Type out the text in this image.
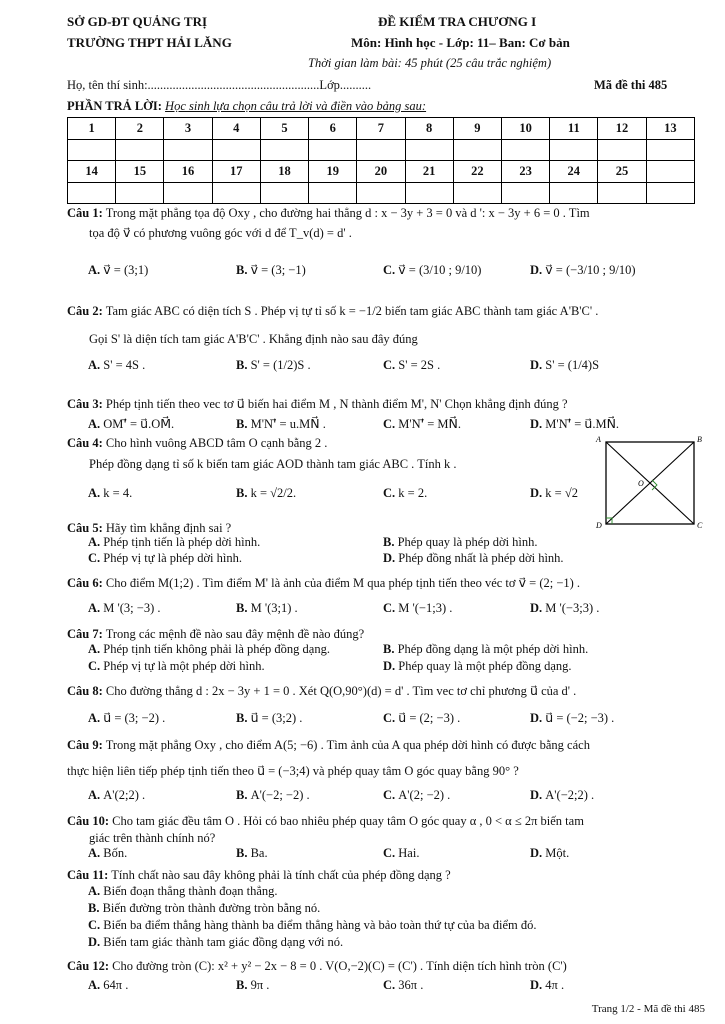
SỞ GD-ĐT QUẢNG TRỊ
TRƯỜNG THPT HẢI LĂNG
ĐỀ KIỂM TRA CHƯƠNG I
Môn: Hình học - Lớp: 11– Ban: Cơ bản
Thời gian làm bài: 45 phút (25 câu trắc nghiệm)
Họ, tên thí sinh:.......................................................Lớp..........	Mã đề thi 485
PHẦN TRẢ LỜI: Học sinh lựa chọn câu trả lời và điền vào bảng sau:
1	2	3	4	5	6	7	8	9	10	11	12	13

14	15	16	17	18	19	20	21	22	23	24	25	

Câu 1: Trong mặt phẳng tọa độ Oxy , cho đường hai thẳng d : x − 3y + 3 = 0 và d ': x − 3y + 6 = 0 . Tìm
tọa độ v⃗ có phương vuông góc với d để T_v(d) = d' .
A. v⃗ = (3;1)	B. v⃗ = (3; −1)	C. v⃗ = (3/10 ; 9/10)	D. v⃗ = (−3/10 ; 9/10)
Câu 2: Tam giác ABC có diện tích S . Phép vị tự tỉ số k = −1/2 biến tam giác ABC thành tam giác A'B'C' .
Gọi S' là diện tích tam giác A'B'C' . Khẳng định nào sau đây đúng
A. S' = 4S .	B. S' = (1/2)S .	C. S' = 2S .	D. S' = (1/4)S
Câu 3: Phép tịnh tiến theo vec tơ u⃗ biến hai điểm M , N thành điểm M', N' Chọn khẳng định đúng ?
A. OM'⃗ = u⃗.OM⃗.	B. M'N'⃗ = u.MN⃗ .	C. M'N'⃗ = MN⃗.	D. M'N'⃗ = u⃗.MN⃗.
Câu 4: Cho hình vuông ABCD tâm O cạnh bằng 2 .
Phép đồng dạng tỉ số k biến tam giác AOD thành tam giác ABC . Tính k .
A. k = 4.	B. k = √2/2.	C. k = 2.	D. k = √2
A	B
C
D
O
Câu 5: Hãy tìm khẳng định sai ?
A. Phép tịnh tiến là phép dời hình.	B. Phép quay là phép dời hình.
C. Phép vị tự là phép dời hình.	D. Phép đồng nhất là phép dời hình.
Câu 6: Cho điểm M(1;2) . Tìm điểm M' là ảnh của điểm M qua phép tịnh tiến theo véc tơ v⃗ = (2; −1) .
A. M '(3; −3) .	B. M '(3;1) .	C. M '(−1;3) .	D. M '(−3;3) .
Câu 7: Trong các mệnh đề nào sau đây mệnh đề nào đúng?
A. Phép tịnh tiến không phải là phép đồng dạng.	B. Phép đồng dạng là một phép dời hình.
C. Phép vị tự là một phép dời hình.	D. Phép quay là một phép đồng dạng.
Câu 8: Cho đường thẳng d : 2x − 3y + 1 = 0 . Xét Q(O,90°)(d) = d' . Tìm vec tơ chỉ phương u⃗ của d' .
A. u⃗ = (3; −2) .	B. u⃗ = (3;2) .	C. u⃗ = (2; −3) .	D. u⃗ = (−2; −3) .
Câu 9: Trong mặt phẳng Oxy , cho điểm A(5; −6) . Tìm ảnh của A qua phép dời hình có được bằng cách
thực hiện liên tiếp phép tịnh tiến theo u⃗ = (−3;4) và phép quay tâm O góc quay bằng 90° ?
A. A'(2;2) .	B. A'(−2; −2) .	C. A'(2; −2) .	D. A'(−2;2) .
Câu 10: Cho tam giác đều tâm O . Hỏi có bao nhiêu phép quay tâm O góc quay α , 0 < α ≤ 2π biến tam
giác trên thành chính nó?
A. Bốn.	B. Ba.	C. Hai.	D. Một.
Câu 11: Tính chất nào sau đây không phải là tính chất của phép đồng dạng ?
A. Biến đoạn thẳng thành đoạn thẳng.
B. Biến đường tròn thành đường tròn bằng nó.
C. Biến ba điểm thẳng hàng thành ba điểm thẳng hàng và bảo toàn thứ tự của ba điểm đó.
D. Biến tam giác thành tam giác đồng dạng với nó.
Câu 12: Cho đường tròn (C): x² + y² − 2x − 8 = 0 . V(O,−2)(C) = (C') . Tính diện tích hình tròn (C')
A. 64π .	B. 9π .	C. 36π .	D. 4π .
Trang 1/2 - Mã đề thi 485
